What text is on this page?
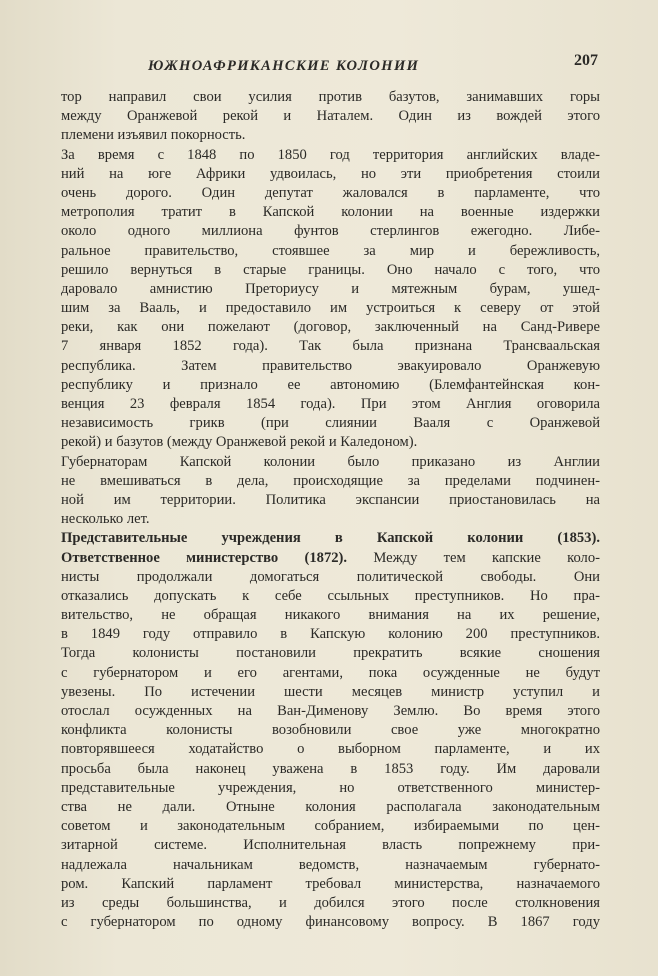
ЮЖНОАФРИКАНСКИЕ КОЛОНИИ	207
тор направил свои усилия против базутов, занимавших горы
между Оранжевой рекой и Наталем. Один из вождей этого
племени изъявил покорность.
За время с 1848 по 1850 год территория английских владе-
ний на юге Африки удвоилась, но эти приобретения стоили
очень дорого. Один депутат жаловался в парламенте, что
метрополия тратит в Капской колонии на военные издержки
около одного миллиона фунтов стерлингов ежегодно. Либе-
ральное правительство, стоявшее за мир и бережливость,
решило вернуться в старые границы. Оно начало с того, что
даровало амнистию Преториусу и мятежным бурам, ушед-
шим за Вааль, и предоставило им устроиться к северу от этой
реки, как они пожелают (договор, заключенный на Санд-Ривере
7 января 1852 года). Так была признана Трансваальская
республика. Затем правительство эвакуировало Оранжевую
республику и признало ее автономию (Блемфантейнская кон-
венция 23 февраля 1854 года). При этом Англия оговорила
независимость грикв (при слиянии Вааля с Оранжевой
рекой) и базутов (между Оранжевой рекой и Каледоном).
Губернаторам Капской колонии было приказано из Англии
не вмешиваться в дела, происходящие за пределами подчинен-
ной им территории. Политика экспансии приостановилась на
несколько лет.
Представительные учреждения в Капской колонии (1853).
Ответственное министерство (1872). Между тем капские коло-
нисты продолжали домогаться политической свободы. Они
отказались допускать к себе ссыльных преступников. Но пра-
вительство, не обращая никакого внимания на их решение,
в 1849 году отправило в Капскую колонию 200 преступников.
Тогда колонисты постановили прекратить всякие сношения
с губернатором и его агентами, пока осужденные не будут
увезены. По истечении шести месяцев министр уступил и
отослал осужденных на Ван-Дименову Землю. Во время этого
конфликта колонисты возобновили свое уже многократно
повторявшееся ходатайство о выборном парламенте, и их
просьба была наконец уважена в 1853 году. Им даровали
представительные учреждения, но ответственного министер-
ства не дали. Отныне колония располагала законодательным
советом и законодательным собранием, избираемыми по цен-
зитарной системе. Исполнительная власть попрежнему при-
надлежала начальникам ведомств, назначаемым губернато-
ром. Капский парламент требовал министерства, назначаемого
из среды большинства, и добился этого после столкновения
с губернатором по одному финансовому вопросу. В 1867 году
